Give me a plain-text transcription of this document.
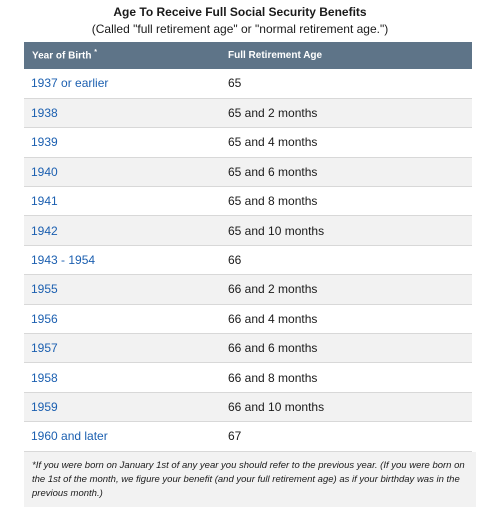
Age To Receive Full Social Security Benefits
(Called "full retirement age" or "normal retirement age.")
Year of Birth *	Full Retirement Age
1937 or earlier	65
1938	65 and 2 months
1939	65 and 4 months
1940	65 and 6 months
1941	65 and 8 months
1942	65 and 10 months
1943 - 1954	66
1955	66 and 2 months
1956	66 and 4 months
1957	66 and 6 months
1958	66 and 8 months
1959	66 and 10 months
1960 and later	67
*If you were born on January 1st of any year you should refer to the previous year. (If you were born on the 1st of the month, we figure your benefit (and your full retirement age) as if your birthday was in the previous month.)
